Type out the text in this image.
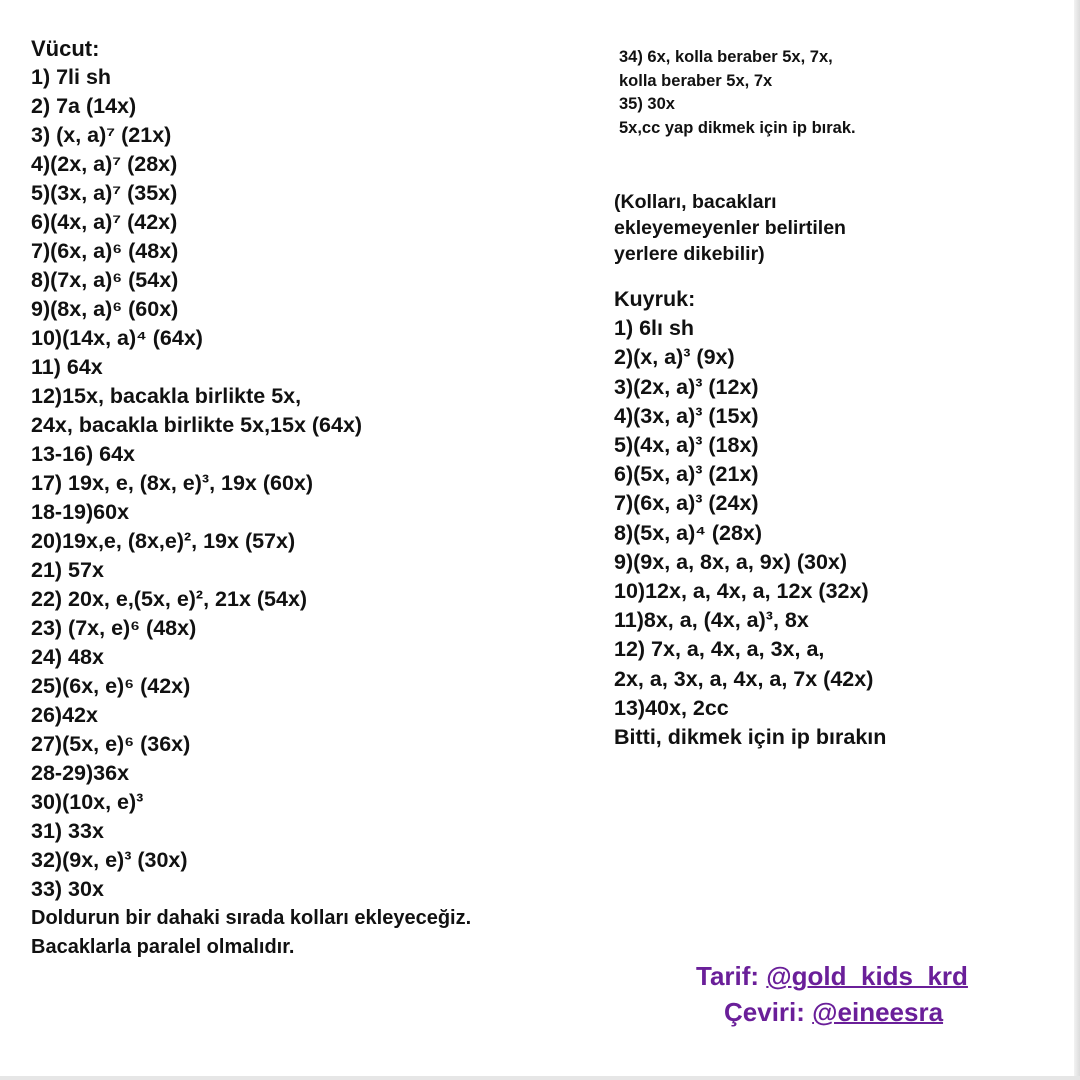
Vücut:
1) 7li sh
2) 7a (14x)
3) (x, a)⁷ (21x)
4)(2x, a)⁷ (28x)
5)(3x, a)⁷ (35x)
6)(4x, a)⁷ (42x)
7)(6x, a)⁶ (48x)
8)(7x, a)⁶ (54x)
9)(8x, a)⁶ (60x)
10)(14x, a)⁴ (64x)
11) 64x
12)15x, bacakla birlikte 5x,
24x, bacakla birlikte 5x,15x (64x)
13-16) 64x
17) 19x, e, (8x, e)³, 19x (60x)
18-19)60x
20)19x,e, (8x,e)², 19x (57x)
21) 57x
22) 20x, e,(5x, e)², 21x (54x)
23) (7x, e)⁶ (48x)
24) 48x
25)(6x, e)⁶ (42x)
26)42x
27)(5x, e)⁶ (36x)
28-29)36x
30)(10x, e)³
31) 33x
32)(9x, e)³ (30x)
33) 30x
Doldurun bir dahaki sırada kolları ekleyeceğiz.
Bacaklarla paralel olmalıdır.
34) 6x, kolla beraber 5x, 7x,
kolla beraber 5x, 7x
35) 30x
5x,cc yap dikmek için ip bırak.
(Kolları, bacakları
ekleyemeyenler belirtilen
yerlere dikebilir)
Kuyruk:
1) 6lı sh
2)(x, a)³ (9x)
3)(2x, a)³ (12x)
4)(3x, a)³ (15x)
5)(4x, a)³ (18x)
6)(5x, a)³ (21x)
7)(6x, a)³ (24x)
8)(5x, a)⁴ (28x)
9)(9x, a, 8x, a, 9x) (30x)
10)12x, a, 4x, a, 12x (32x)
11)8x, a, (4x, a)³, 8x
12) 7x, a, 4x, a, 3x, a,
2x, a, 3x, a, 4x, a, 7x (42x)
13)40x, 2cc
Bitti, dikmek için ip bırakın
Tarif: @gold_kids_krd
Çeviri: @eineesra
